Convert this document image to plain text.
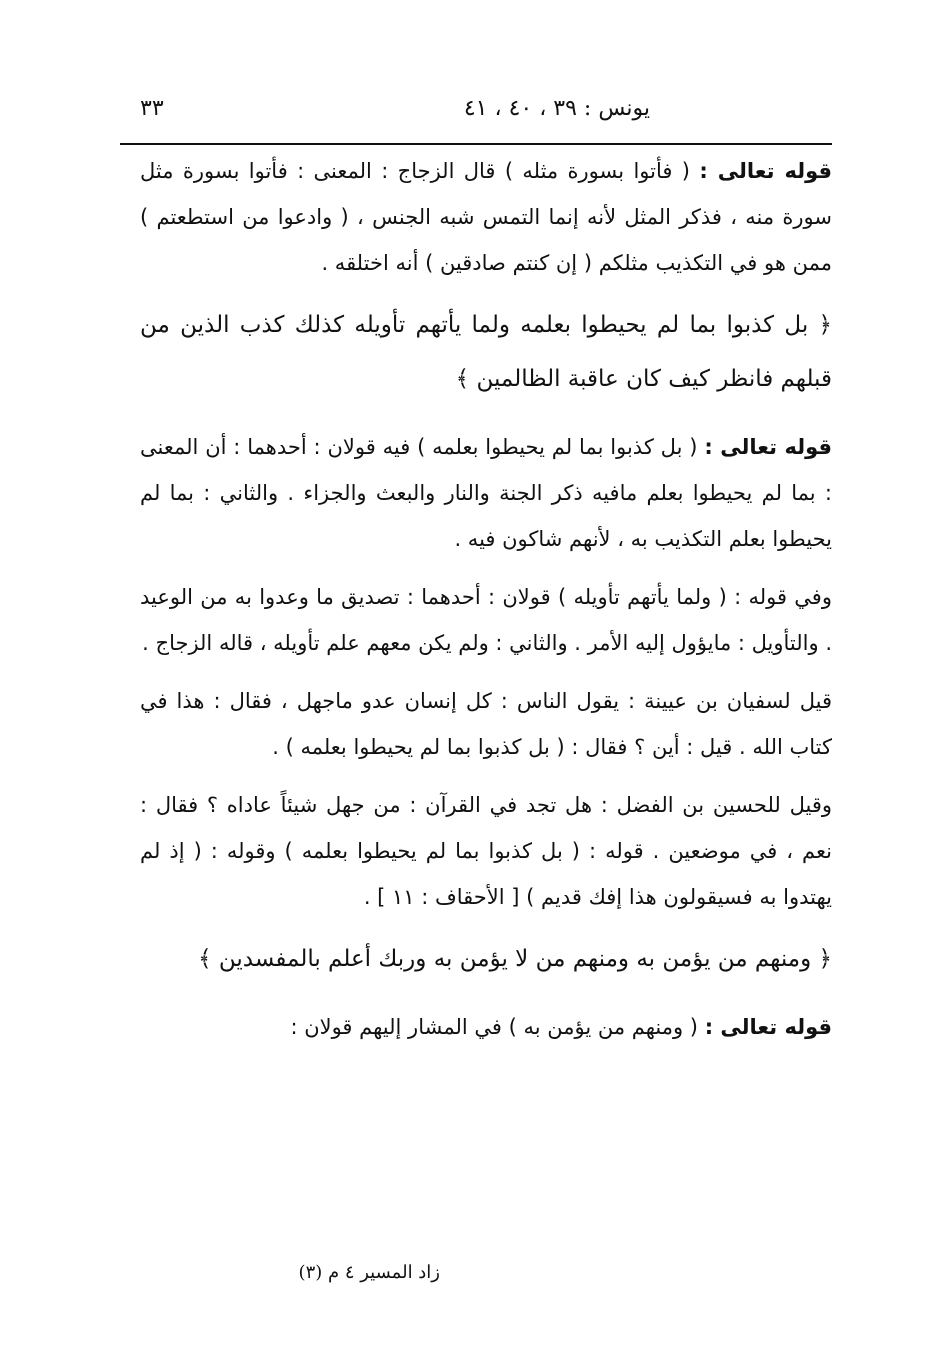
يونس : ٣٩ ، ٤٠ ، ٤١
٣٣

قوله تعالى : ( فأتوا بسورة مثله ) قال الزجاج : المعنى : فأتوا بسورة مثل سورة منه ، فذكر المثل لأنه إنما التمس شبه الجنس ، ( وادعوا من استطعتم ) ممن هو في التكذيب مثلكم ( إن كنتم صادقين ) أنه اختلقه .

﴿ بل كذبوا بما لم يحيطوا بعلمه ولما يأتهم تأويله كذلك كذب الذين من قبلهم فانظر كيف كان عاقبة الظالمين ﴾

قوله تعالى : ( بل كذبوا بما لم يحيطوا بعلمه ) فيه قولان : أحدهما : أن المعنى : بما لم يحيطوا بعلم مافيه ذكر الجنة والنار والبعث والجزاء . والثاني : بما لم يحيطوا بعلم التكذيب به ، لأنهم شاكون فيه .

وفي قوله : ( ولما يأتهم تأويله ) قولان : أحدهما : تصديق ما وعدوا به من الوعيد . والتأويل : مايؤول إليه الأمر . والثاني : ولم يكن معهم علم تأويله ، قاله الزجاج .

قيل لسفيان بن عيينة : يقول الناس : كل إنسان عدو ماجهل ، فقال : هذا في كتاب الله . قيل : أين ؟ فقال : ( بل كذبوا بما لم يحيطوا بعلمه ) .

وقيل للحسين بن الفضل : هل تجد في القرآن : من جهل شيئاً عاداه ؟ فقال : نعم ، في موضعين . قوله : ( بل كذبوا بما لم يحيطوا بعلمه ) وقوله : ( إذ لم يهتدوا به فسيقولون هذا إفك قديم ) [ الأحقاف : ١١ ] .

﴿ ومنهم من يؤمن به ومنهم من لا يؤمن به وربك أعلم بالمفسدين ﴾

قوله تعالى : ( ومنهم من يؤمن به ) في المشار إليهم قولان :

زاد المسير ٤ م (٣)
